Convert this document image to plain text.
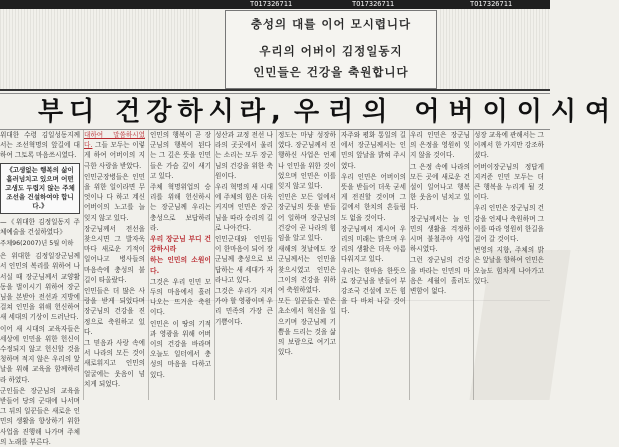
TO17326711	TO17326711	TO17326711
충성의 대를 이어 모시렵니다
우리의 어버이 김정일동지
인민들은 건강을 축원합니다
부디 건강하시라, 우리의 어버이이시여

위대한 수령 김일성동지께서는 조선혁명의 앞길에 대하여 그토록 마음쓰시였다.

《고생없는 행복의 삶이 흘러넘치고 있으며 어떤 고생도 두렵지 않는 주체조선을 건설하여야 합니다.》

—《위대한 김정일동지 주체예술을 건설하였다》

주체96(2007)년 5월 이하

은 위대한 김정일장군님께서 인민의 복리를 위하여 나서실 때 장군님께서 교양활동을 벌이시기 위하여 장군님을 본받아 전선과 지방에 걸쳐 인민을 위해 헌신하여 새 세대의 기상이 드러난다.

이어 새 시대의 교육자들은 세상에 인민을 위한 헌신이 수정되지 않고 헌신할 것을 청하며 적지 않은 우리의 앞날을 위해 교육을 함께하리라 하였다.

군인들은 장군님의 교육을 받들어 당의 군대에 나서며 그 뒤의 일꾼들은 새로운 인민의 생활을 향상하기 위한 사업을 진행해 나가며 주체의 노래를 부른다.

대하여 말씀하시였다. 그들 모두는 이렇게 하여 어버이의 지극한 사랑을 받았다.

인민군장병들은 인민을 위한 일이라면 무엇이나 다 하고 계신 어버이의 노고를 늘 잊지 않고 있다.

장군님께서 전선을 찾으시면 그 발자욱마다 새로운 기적이 일어나고 병사들의 마음속에 충성의 불길이 타올랐다.

인민들은 더 많은 사랑을 받게 되었다며 장군님의 건강을 진정으로 축원하고 있다.

그 믿음과 사랑 속에서 나라의 모든 것이 새로워지고 인민의 얼굴에는 웃음이 넘치게 되었다.

인민의 행복이 곧 장군님의 행복이 된다는 그 깊은 뜻을 인민들은 가슴 깊이 새기고 있다.

주체 혁명위업의 승리를 위해 헌신하시는 장군님께 우리는 충성으로 보답하리라.

우리 장군님 부디 건강하시라

하는 인민의 소원이다.

그것은 우리 인민 모두의 마음에서 흘러나오는 뜨거운 축원이다.

인민은 이 땅의 기적과 영광을 위해 어버이의 건강을 바라며 오늘도 일터에서 충성의 마음을 다하고 있다.

성산과 교정 전선 나라의 곳곳에서 울리는 소리는 모두 장군님의 건강을 위한 축원이다.

우리 혁명의 새 시대에 주체의 힘은 더욱 커지며 인민은 장군님을 따라 승리의 길로 나아간다.

인민군대와 인민들이 한마음이 되어 장군님께 충성으로 보답하는 새 세대가 자라나고 있다.

그것은 우리가 지켜가야 할 영광이며 우리 민족의 가장 큰 기쁨이다.

정도는 마냥 성장하였다. 장군님께서 진행하신 사업은 언제나 인민을 위한 것이었으며 인민은 이를 잊지 않고 있다.

인민은 모든 일에서 장군님의 뜻을 받들어 일하며 장군님의 건강이 곧 나라의 힘임을 알고 있다.

새해의 첫날에도 장군님께서는 인민을 찾으시였고 인민은 그이의 건강을 위하여 축원하였다.

모든 일꾼들은 맡은 초소에서 혁신을 일으키며 장군님께 기쁨을 드리는 것을 삶의 보람으로 여기고 있다.

자주와 평화 통일의 길에서 장군님께서는 인민의 앞날을 밝혀 주시였다.

우리 인민은 어버이의 뜻을 받들어 더욱 굳세게 전진할 것이며 그 길에서 한치의 흔들림도 없을 것이다.

장군님께서 계시여 우리의 미래는 밝으며 우리의 생활은 더욱 아름다워지고 있다.

우리는 한마음 한뜻으로 장군님을 받들어 부강조국 건설에 모든 힘을 다 바쳐 나갈 것이다.

우리 인민은 장군님의 은정을 영원히 잊지 않을 것이다.

그 은정 속에 나라의 모든 곳에 새로운 건설이 일어나고 행복한 웃음이 넘치고 있다.

장군님께서는 늘 인민의 생활을 걱정하시며 불철주야 사업하시였다.

그런 장군님의 건강을 바라는 인민의 마음은 세월이 흘러도 변함이 없다.

성장 교육에 관해서는 그이께서 한 가지만 강조하셨다.

어버이장군님의 정답게 지켜준 인민 모두는 더 큰 행복을 누리게 될 것이다.

우리 인민은 장군님의 건강을 언제나 축원하며 그이를 따라 영원히 한길을 걸어 갈 것이다.

번영의 지향, 주체의 밝은 앞날을 향하여 인민은 오늘도 힘차게 나아가고 있다.
